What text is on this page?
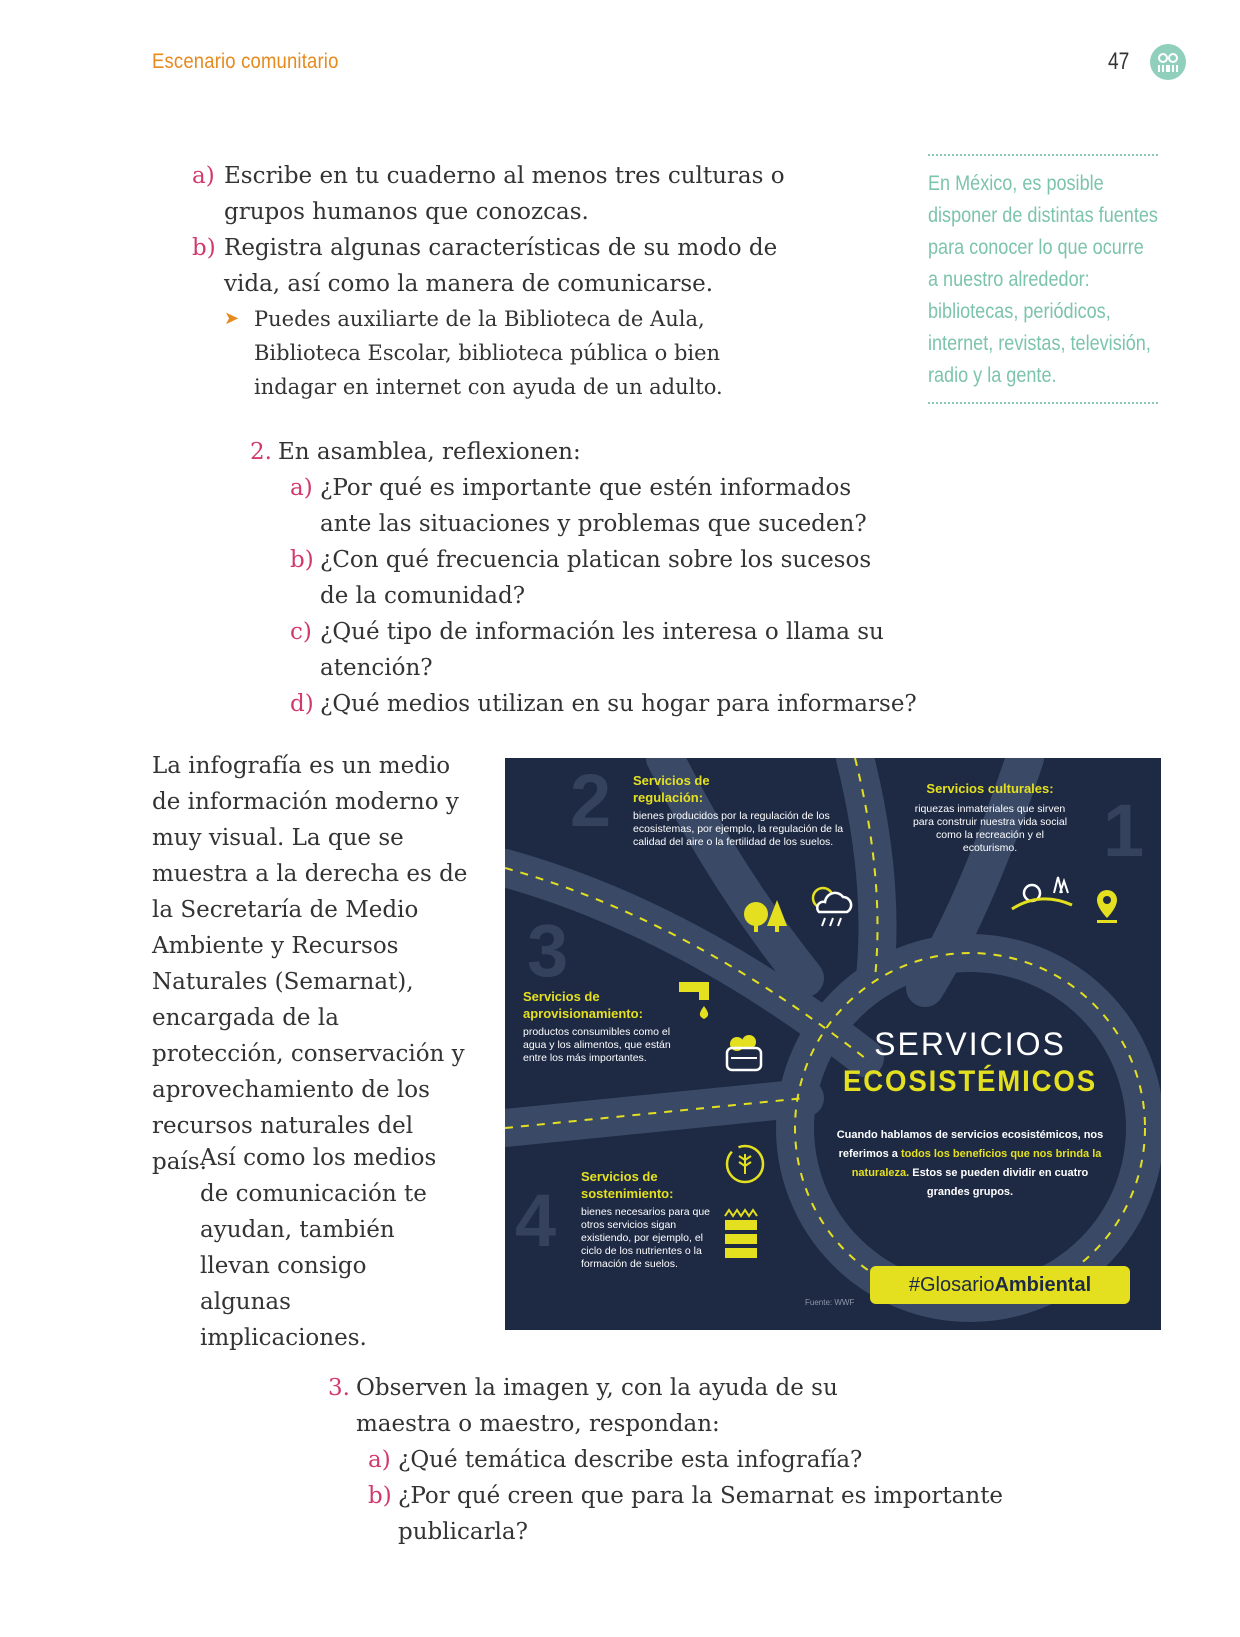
Escenario comunitario	47
a) Escribe en tu cuaderno al menos tres culturas o grupos humanos que conozcas.
b) Registra algunas características de su modo de vida, así como la manera de comunicarse.
➤ Puedes auxiliarte de la Biblioteca de Aula, Biblioteca Escolar, biblioteca pública o bien indagar en internet con ayuda de un adulto.
En México, es posible disponer de distintas fuentes para conocer lo que ocurre a nuestro alrededor: bibliotecas, periódicos, internet, revistas, televisión, radio y la gente.
2. En asamblea, reflexionen:
a) ¿Por qué es importante que estén informados ante las situaciones y problemas que suceden?
b) ¿Con qué frecuencia platican sobre los sucesos de la comunidad?
c) ¿Qué tipo de información les interesa o llama su atención?
d) ¿Qué medios utilizan en su hogar para informarse?
La infografía es un medio de información moderno y muy visual. La que se muestra a la derecha es de la Secretaría de Medio Ambiente y Recursos Naturales (Semarnat), encargada de la protección, conservación y aprovechamiento de los recursos naturales del país.
Así como los medios de comunicación te ayudan, también llevan consigo algunas implicaciones.
2	1
3
4
Servicios de regulación:
bienes producidos por la regulación de los ecosistemas, por ejemplo, la regulación de la calidad del aire o la fertilidad de los suelos.
Servicios culturales:
riquezas inmateriales que sirven para construir nuestra vida social como la recreación y el ecoturismo.
Servicios de aprovisionamiento:
productos consumibles como el agua y los alimentos, que están entre los más importantes.
Servicios de sostenimiento:
bienes necesarios para que otros servicios sigan existiendo, por ejemplo, el ciclo de los nutrientes o la formación de suelos.
SERVICIOS
ECOSISTÉMICOS
Cuando hablamos de servicios ecosistémicos, nos referimos a todos los beneficios que nos brinda la naturaleza. Estos se pueden dividir en cuatro grandes grupos.
#GlosarioAmbiental
Fuente: WWF
3. Observen la imagen y, con la ayuda de su maestra o maestro, respondan:
a) ¿Qué temática describe esta infografía?
b) ¿Por qué creen que para la Semarnat es importante publicarla?
